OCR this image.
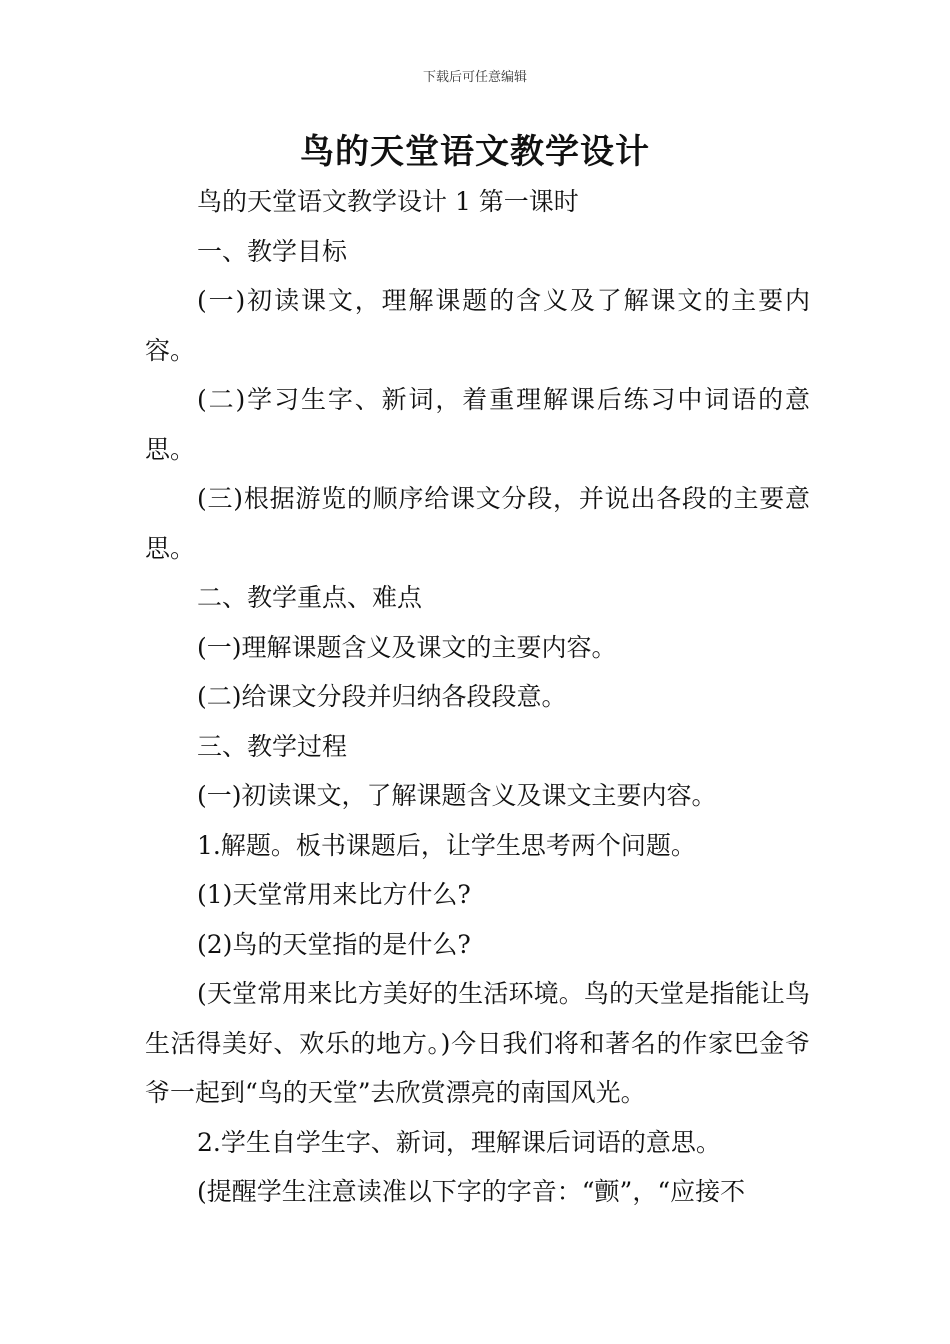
下载后可任意编辑
鸟的天堂语文教学设计

鸟的天堂语文教学设计 1 第一课时

一、教学目标

(一)初读课文，理解课题的含义及了解课文的主要内容。

(二)学习生字、新词，着重理解课后练习中词语的意思。

(三)根据游览的顺序给课文分段，并说出各段的主要意思。

二、教学重点、难点

(一)理解课题含义及课文的主要内容。

(二)给课文分段并归纳各段段意。

三、教学过程

(一)初读课文，了解课题含义及课文主要内容。

1.解题。板书课题后，让学生思考两个问题。

(1)天堂常用来比方什么?

(2)鸟的天堂指的是什么?

(天堂常用来比方美好的生活环境。鸟的天堂是指能让鸟生活得美好、欢乐的地方。)今日我们将和著名的作家巴金爷爷一起到“鸟的天堂”去欣赏漂亮的南国风光。

2.学生自学生字、新词，理解课后词语的意思。

(提醒学生注意读准以下字的字音：“颤”，“应接不
